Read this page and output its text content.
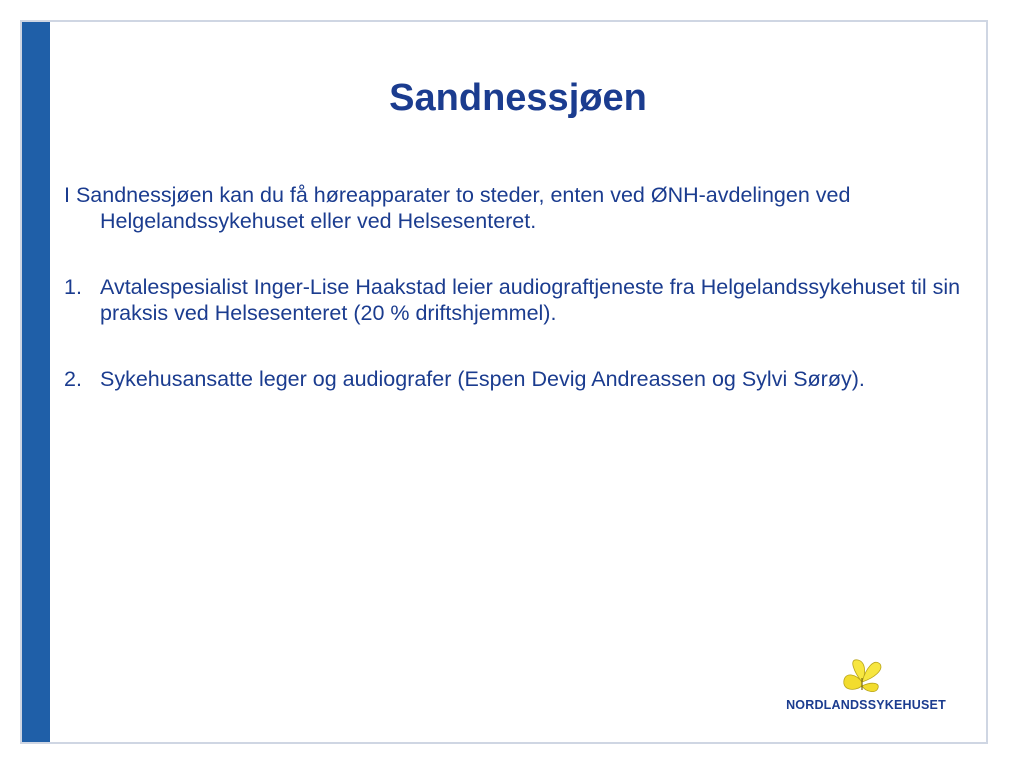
Sandnessjøen

I Sandnessjøen kan du få høreapparater to steder, enten ved ØNH-avdelingen ved Helgelandssykehuset eller ved Helsesenteret.

1. Avtalespesialist Inger-Lise Haakstad leier audiograftjeneste fra Helgelandssykehuset til sin praksis ved Helsesenteret (20 % driftshjemmel).
2. Sykehusansatte leger og audiografer (Espen Devig Andreassen og Sylvi Sørøy).
NORDLANDSSYKEHUSET
